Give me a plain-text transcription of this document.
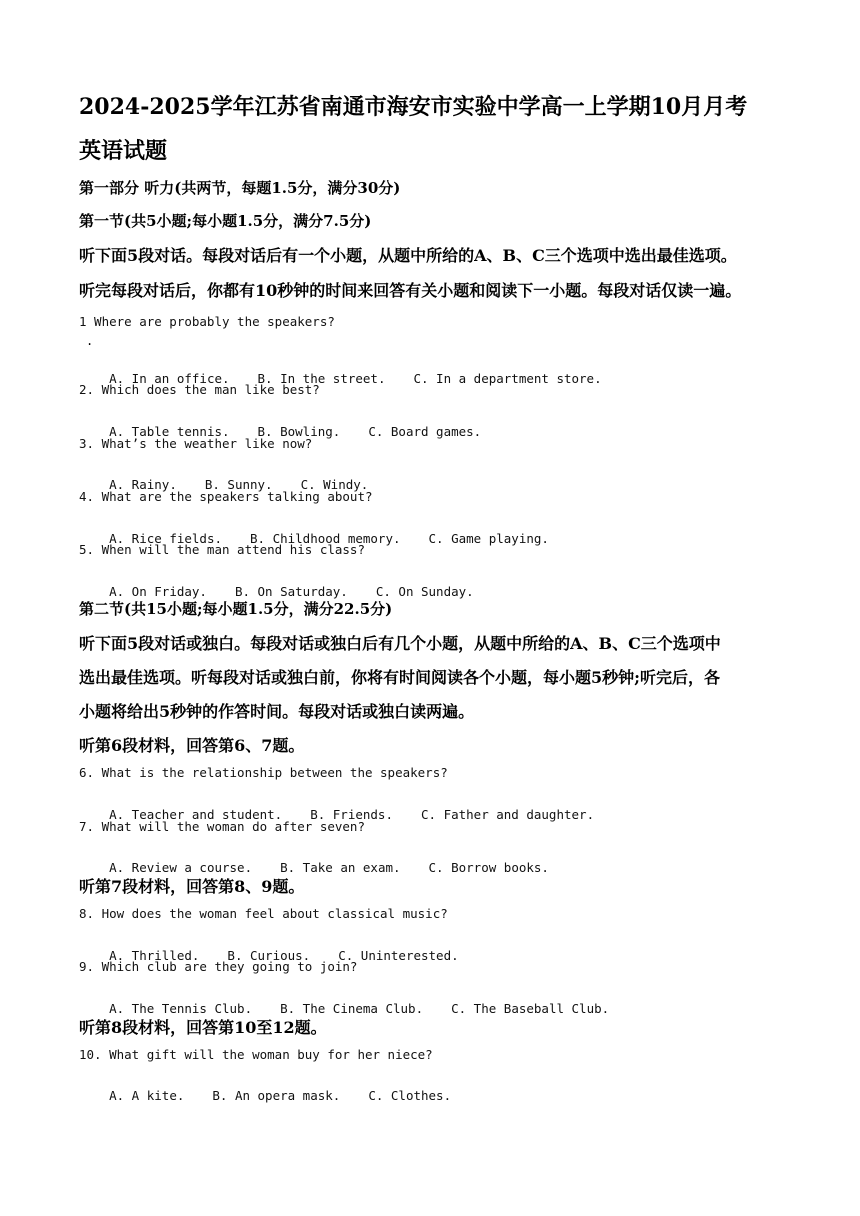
2024-2025学年江苏省南通市海安市实验中学高一上学期10月月考
英语试题
第一部分 听力(共两节，每题1.5分，满分30分)
第一节(共5小题;每小题1.5分，满分7.5分)
听下面5段对话。每段对话后有一个小题，从题中所给的A、B、C三个选项中选出最佳选项。
听完每段对话后，你都有10秒钟的时间来回答有关小题和阅读下一小题。每段对话仅读一遍。
1 Where are probably the speakers?
.

A. In an office. B. In the street. C. In a department store.

2. Which does the man like best?

A. Table tennis. B. Bowling. C. Board games.

3. What’s the weather like now?

A. Rainy. B. Sunny. C. Windy.

4. What are the speakers talking about?

A. Rice fields. B. Childhood memory. C. Game playing.

5. When will the man attend his class?

A. On Friday. B. On Saturday. C. On Sunday.

第二节(共15小题;每小题1.5分，满分22.5分)
听下面5段对话或独白。每段对话或独白后有几个小题，从题中所给的A、B、C三个选项中
选出最佳选项。听每段对话或独白前，你将有时间阅读各个小题，每小题5秒钟;听完后，各
小题将给出5秒钟的作答时间。每段对话或独白读两遍。
听第6段材料，回答第6、7题。
6. What is the relationship between the speakers?

A. Teacher and student. B. Friends. C. Father and daughter.

7. What will the woman do after seven?

A. Review a course. B. Take an exam. C. Borrow books.

听第7段材料，回答第8、9题。
8. How does the woman feel about classical music?

A. Thrilled. B. Curious. C. Uninterested.

9. Which club are they going to join?

A. The Tennis Club. B. The Cinema Club. C. The Baseball Club.

听第8段材料，回答第10至12题。
10. What gift will the woman buy for her niece?

A. A kite. B. An opera mask. C. Clothes.
